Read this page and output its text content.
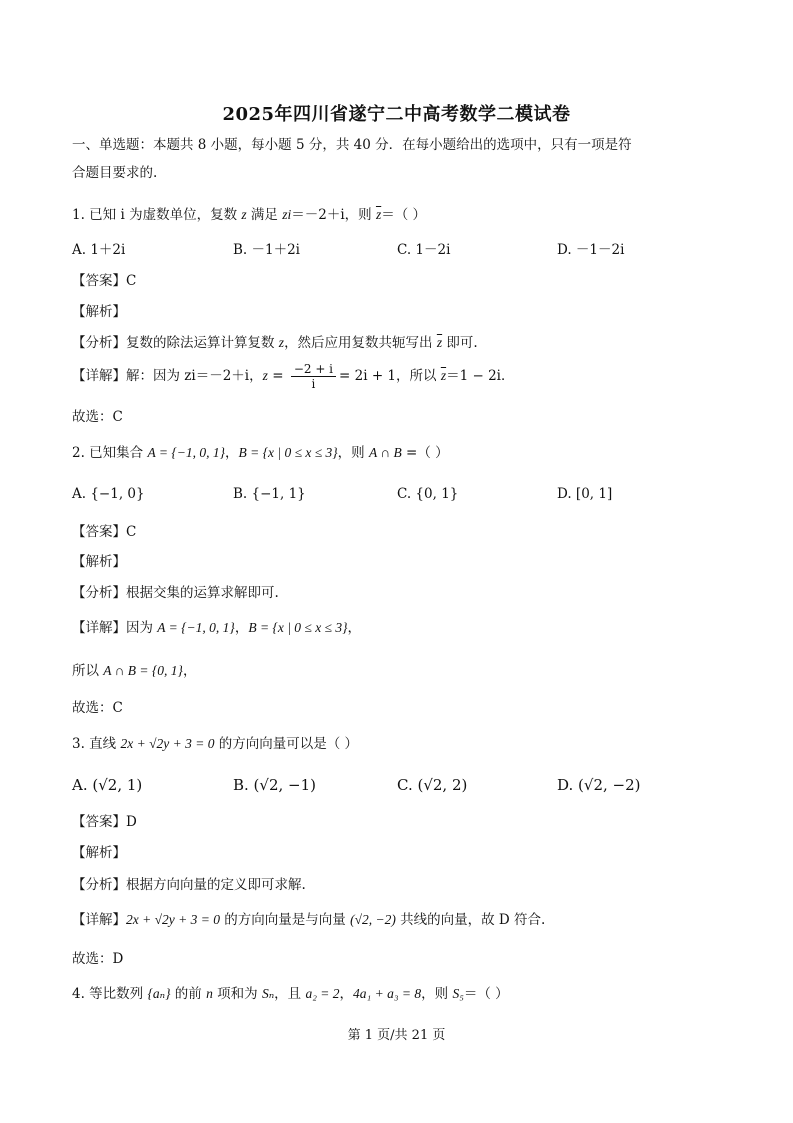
2025年四川省遂宁二中高考数学二模试卷
一、单选题：本题共 8 小题，每小题 5 分，共 40 分．在每小题给出的选项中，只有一项是符
合题目要求的.
1. 已知 i 为虚数单位，复数 z 满足 zi＝－2＋i，则 $\overline{z}=$（ ）
A. 1＋2i	B. －1＋2i	C. 1－2i	D. －1－2i
【答案】C
【解析】
【分析】复数的除法运算计算复数 z，然后应用复数共轭写出 $\overline{z}$ 即可.
【详解】解：因为 zi＝－2＋i，$z = \frac{-2 + i}{i} = 2i + 1$，所以 $\overline{z}=1 - 2i$．
故选：C
2. 已知集合 A = {−1, 0, 1}，B = {x | 0 ≤ x ≤ 3}，则 A ∩ B =（ ）
A. {−1, 0}	B. {−1, 1}	C. {0, 1}	D. [0, 1]
【答案】C
【解析】
【分析】根据交集的运算求解即可.
【详解】因为 A = {−1, 0, 1}，B = {x | 0 ≤ x ≤ 3}，
所以 A ∩ B = {0, 1}，
故选：C
3. 直线 2x + √2y + 3 = 0 的方向向量可以是（ ）
A. (√2, 1)	B. (√2, −1)	C. (√2, 2)	D. (√2, −2)
【答案】D
【解析】
【分析】根据方向向量的定义即可求解.
【详解】2x + √2y + 3 = 0 的方向向量是与向量 (√2, −2) 共线的向量，故 D 符合.
故选：D
4. 等比数列 {aₙ} 的前 n 项和为 Sₙ，且 a₂ = 2，4a₁ + a₃ = 8，则 S₅＝（ ）
第 1 页/共 21 页
